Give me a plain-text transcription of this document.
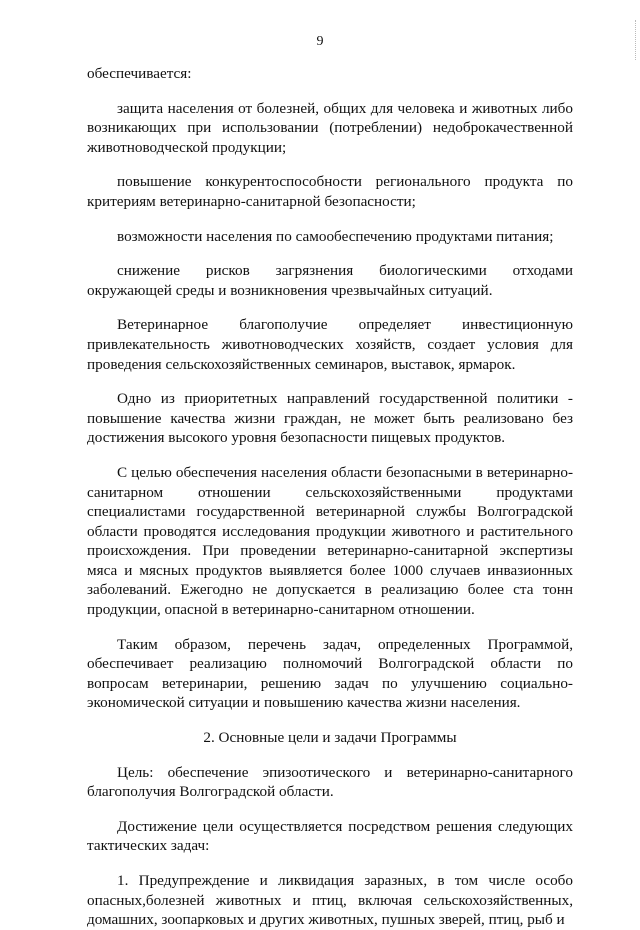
9

обеспечивается:

защита населения от болезней, общих для человека и животных либо возникающих при использовании (потреблении) недоброкачественной животноводческой продукции;

повышение конкурентоспособности регионального продукта по критериям ветеринарно-санитарной безопасности;

возможности населения по самообеспечению продуктами питания;

снижение рисков загрязнения биологическими отходами окружающей среды и возникновения чрезвычайных ситуаций.

Ветеринарное благополучие определяет инвестиционную привлекательность животноводческих хозяйств, создает условия для проведения сельскохозяйственных семинаров, выставок, ярмарок.

Одно из приоритетных направлений государственной политики - повышение качества жизни граждан, не может быть реализовано без достижения высокого уровня безопасности пищевых продуктов.

С целью обеспечения населения области безопасными в ветеринарно-санитарном отношении сельскохозяйственными продуктами специалистами государственной ветеринарной службы Волгоградской области проводятся исследования продукции животного и растительного происхождения. При проведении ветеринарно-санитарной экспертизы мяса и мясных продуктов выявляется более 1000 случаев инвазионных заболеваний. Ежегодно не допускается в реализацию более ста тонн продукции, опасной в ветеринарно-санитарном отношении.

Таким образом, перечень задач, определенных Программой, обеспечивает реализацию полномочий Волгоградской области по вопросам ветеринарии, решению задач по улучшению социально-экономической ситуации и повышению качества жизни населения.

2. Основные цели и задачи Программы

Цель: обеспечение эпизоотического и ветеринарно-санитарного благополучия Волгоградской области.

Достижение цели осуществляется посредством решения следующих тактических задач:

1. Предупреждение и ликвидация заразных, в том числе особо опасных,болезней животных и птиц, включая сельскохозяйственных, домашних, зоопарковых и других животных, пушных зверей, птиц, рыб и
